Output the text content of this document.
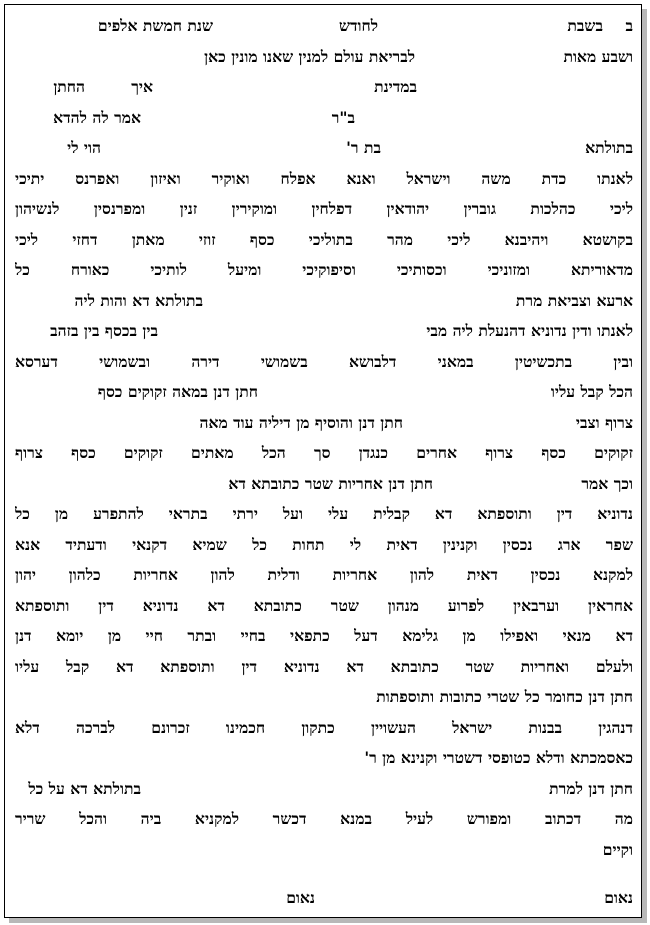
ב
בשבת
לחודש
שנת חמשת אלפים
ושבע מאות
לבריאת עולם למנין שאנו מונין כאן
במדינת
איך
החתן
ב"ר
אמר לה להדא
בתולתא
בת ר'
הוי לי
לאנתו כדת משה וישראל ואנא אפלח ואוקיר ואיזון ואפרנס יתיכי
ליכי כהלכות גוברין יהודאין דפלחין ומוקירין זנין ומפרנסין לנשיהון
בקושטא ויהיבנא ליכי מהר בתוליכי כסף זוזי מאתן דחזי ליכי
מדאוריתא ומזוניכי וכסותיכי וסיפוקיכי ומיעל לותיכי כאורח כל
ארעא וצביאת מרת
בתולתא דא והות ליה
לאנתו ודין נדוניא דהנעלת ליה מבי
בין בכסף בין בזהב
ובין בתכשיטין במאני דלבושא בשמושי דירה ובשמושי דערסא
הכל קבל עליו
חתן דנן במאה זקוקים כסף
צרוף וצבי
חתן דנן והוסיף מן דיליה עוד מאה
זקוקים כסף צרוף אחרים כנגדן סך הכל מאתים זקוקים כסף צרוף
וכך אמר
חתן דנן אחריות שטר כתובתא דא
נדוניא דין ותוספתא דא קבלית עלי ועל ירתי בתראי להתפרע מן כל
שפר ארג נכסין וקנינין דאית לי תחות כל שמיא דקנאי ודעתיד אנא
למקנא נכסין דאית להון אחריות ודלית להון אחריות כלהון יהון
אחראין וערבאין לפרוע מנהון שטר כתובתא דא נדוניא דין ותוספתא
דא מנאי ואפילו מן גלימא דעל כתפאי בחיי ובתר חיי מן יומא דנן
ולעלם ואחריות שטר כתובתא דא נדוניא דין ותוספתא דא קבל עליו
חתן דנן כחומר כל שטרי כתובות ותוספתות
דנהגין בבנות ישראל העשויין כתקון חכמינו זכרונם לברכה דלא
כאסמכתא ודלא כטופסי דשטרי וקנינא מן ר'
חתן דנן למרת
בתולתא דא על כל
מה דכתוב ומפורש לעיל במנא דכשר למקניא ביה והכל שריר
וקיים
נאום
נאום
